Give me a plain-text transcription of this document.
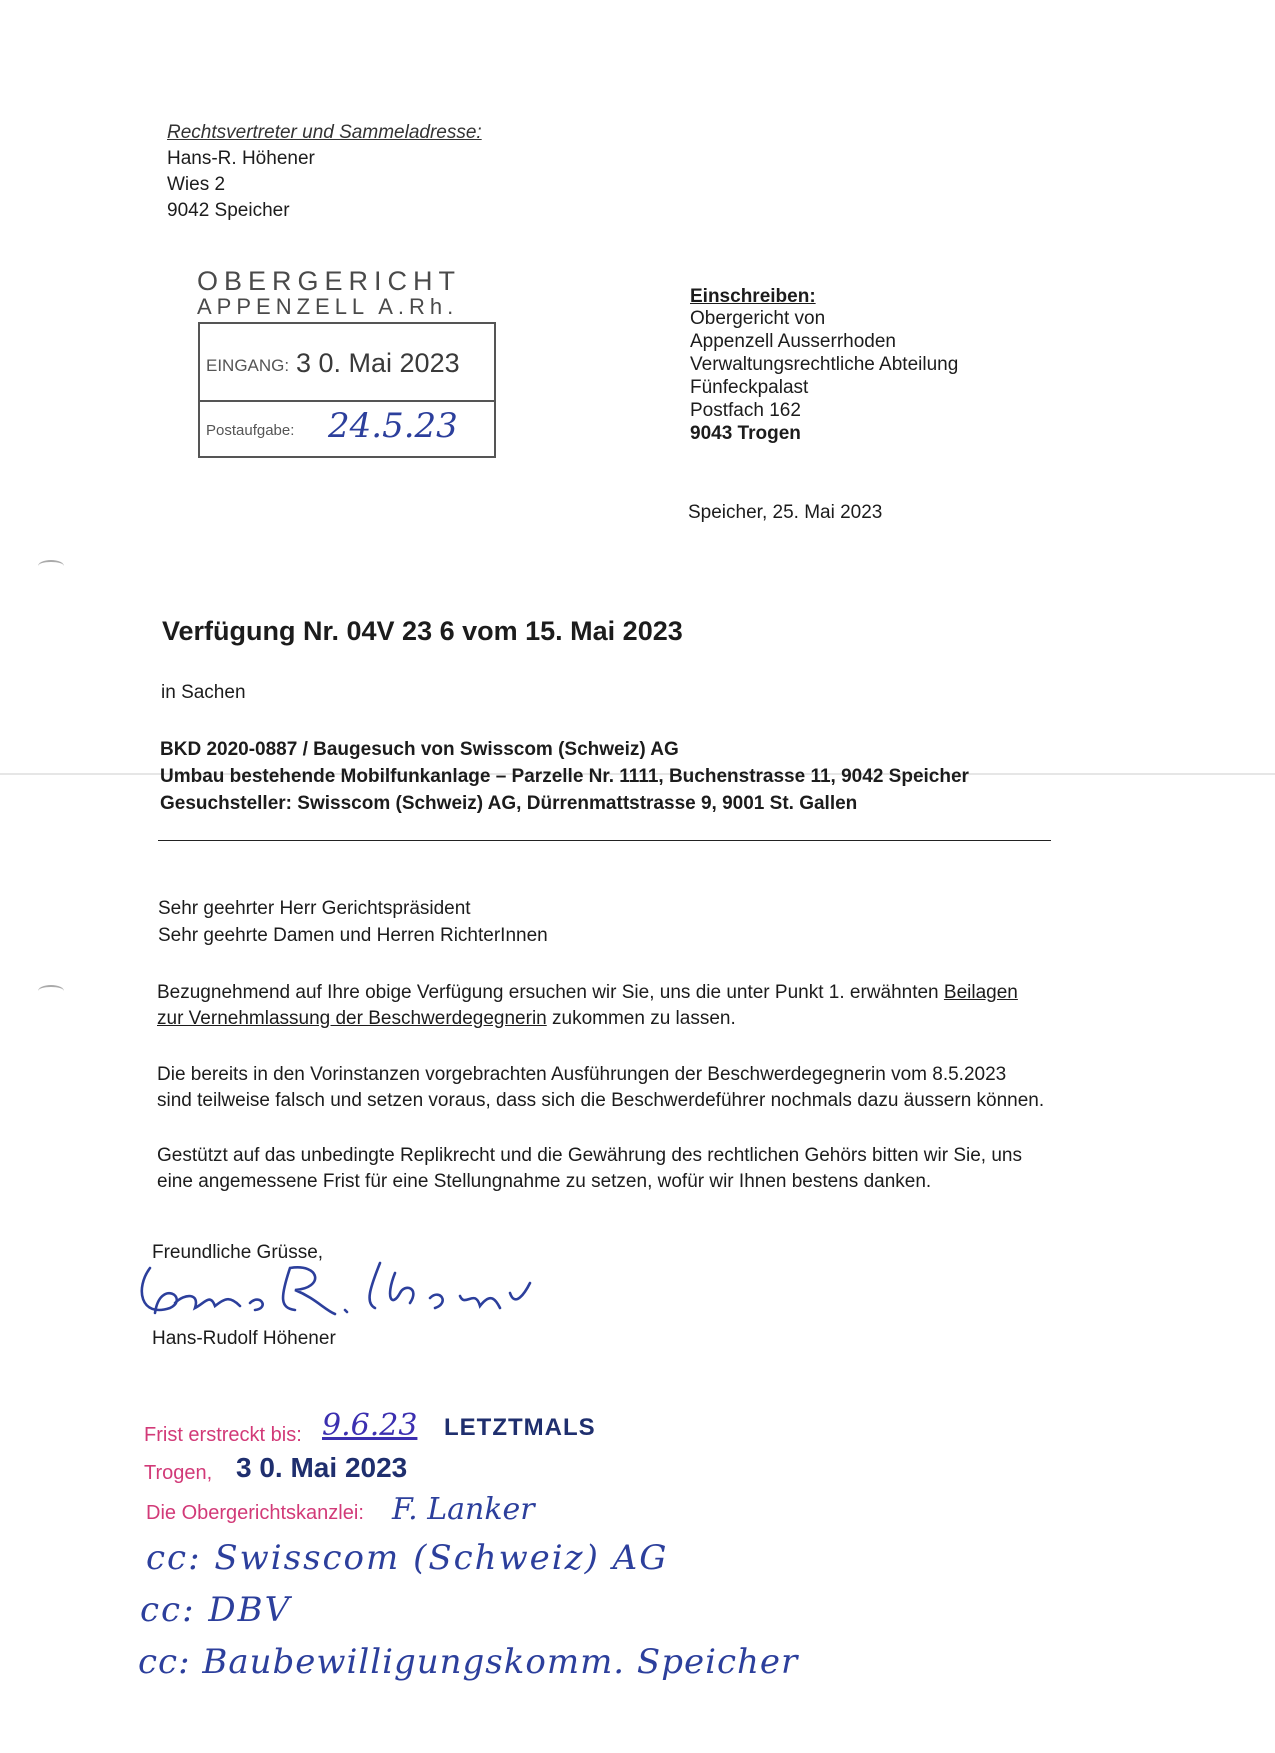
Rechtsvertreter und Sammeladresse:
Hans-R. Höhener
Wies 2
9042 Speicher
OBERGERICHT
APPENZELL A.Rh.
EINGANG: 3 0. Mai 2023
Postaufgabe: 24.5.23
Einschreiben:
Obergericht von
Appenzell Ausserrhoden
Verwaltungsrechtliche Abteilung
Fünfeckpalast
Postfach 162
9043 Trogen
Speicher, 25. Mai 2023
Verfügung Nr. 04V 23 6 vom 15. Mai 2023
in Sachen
BKD 2020-0887 / Baugesuch von Swisscom (Schweiz) AG
Umbau bestehende Mobilfunkanlage – Parzelle Nr. 1111, Buchenstrasse 11, 9042 Speicher
Gesuchsteller: Swisscom (Schweiz) AG, Dürrenmattstrasse 9, 9001 St. Gallen
Sehr geehrter Herr Gerichtspräsident
Sehr geehrte Damen und Herren RichterInnen
Bezugnehmend auf Ihre obige Verfügung ersuchen wir Sie, uns die unter Punkt 1. erwähnten Beilagen
zur Vernehmlassung der Beschwerdegegnerin zukommen zu lassen.
Die bereits in den Vorinstanzen vorgebrachten Ausführungen der Beschwerdegegnerin vom 8.5.2023
sind teilweise falsch und setzen voraus, dass sich die Beschwerdeführer nochmals dazu äussern können.
Gestützt auf das unbedingte Replikrecht und die Gewährung des rechtlichen Gehörs bitten wir Sie, uns
eine angemessene Frist für eine Stellungnahme zu setzen, wofür wir Ihnen bestens danken.
Freundliche Grüsse,
Hans-Rudolf Höhener
Frist erstreckt bis: 9.6.23 LETZTMALS
Trogen, 3 0. Mai 2023
Die Obergerichtskanzlei: F. Lanker
cc: Swisscom (Schweiz) AG
cc: DBV
cc: Baubewilligungskomm. Speicher
